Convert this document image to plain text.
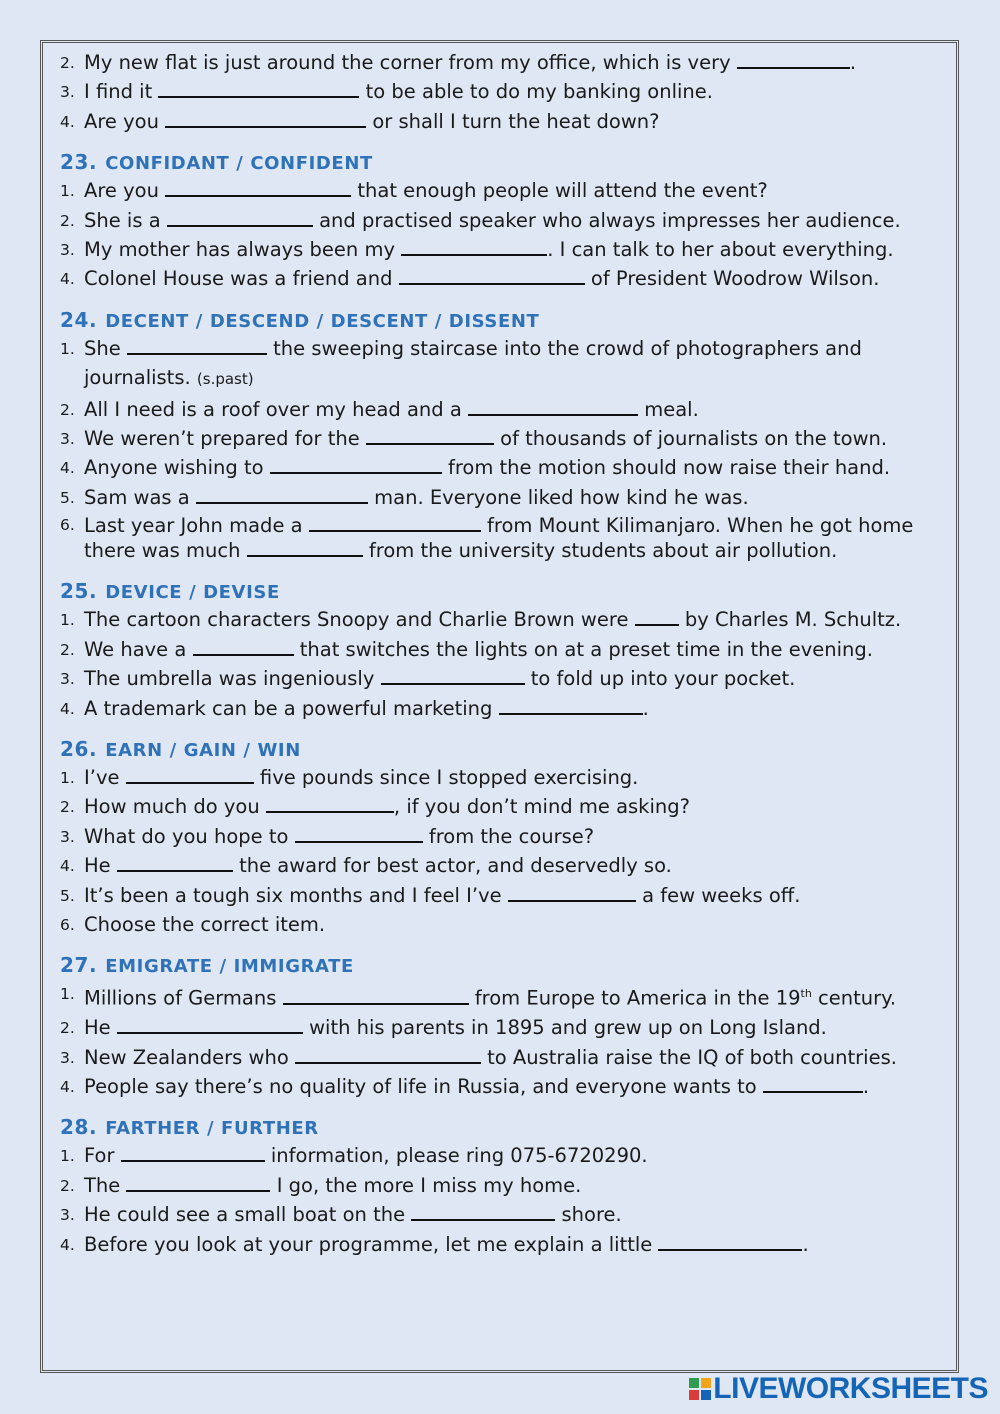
2. My new flat is just around the corner from my office, which is very	.
3. I find it	to be able to do my banking online.
4. Are you	or shall I turn the heat down?
23. CONFIDANT / CONFIDENT
1. Are you	that enough people will attend the event?
2. She is a	and practised speaker who always impresses her audience.
3. My mother has always been my	. I can talk to her about everything.
4. Colonel House was a friend and	of President Woodrow Wilson.
24. DECENT / DESCEND / DESCENT / DISSENT
1. She	the sweeping staircase into the crowd of photographers and
journalists. (s.past)
2. All I need is a roof over my head and a	meal.
3. We weren’t prepared for the	of thousands of journalists on the town.
4. Anyone wishing to	from the motion should now raise their hand.
5. Sam was a	man. Everyone liked how kind he was.
6. Last year John made a	from Mount Kilimanjaro. When he got home there was much	from the university students about air pollution.
25. DEVICE / DEVISE
1. The cartoon characters Snoopy and Charlie Brown were	by Charles M. Schultz.
2. We have a	that switches the lights on at a preset time in the evening.
3. The umbrella was ingeniously	to fold up into your pocket.
4. A trademark can be a powerful marketing	.
26. EARN / GAIN / WIN
1. I’ve	five pounds since I stopped exercising.
2. How much do you	, if you don’t mind me asking?
3. What do you hope to	from the course?
4. He	the award for best actor, and deservedly so.
5. It’s been a tough six months and I feel I’ve	a few weeks off.
6. Choose the correct item.
27. EMIGRATE / IMMIGRATE
1. Millions of Germans	from Europe to America in the 19th century.
2. He	with his parents in 1895 and grew up on Long Island.
3. New Zealanders who	to Australia raise the IQ of both countries.
4. People say there’s no quality of life in Russia, and everyone wants to	.
28. FARTHER / FURTHER
1. For	information, please ring 075-6720290.
2. The	I go, the more I miss my home.
3. He could see a small boat on the	shore.
4. Before you look at your programme, let me explain a little	.
LIVEWORKSHEETS
